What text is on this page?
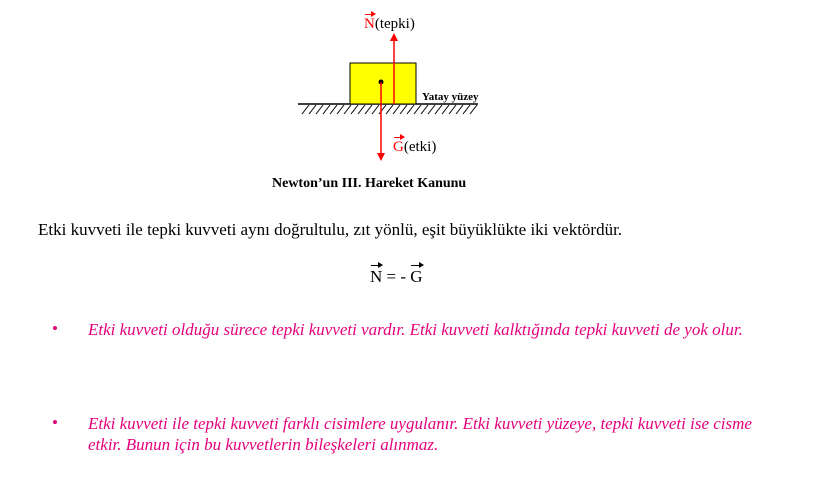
N(tepki)
G(etki)
Yatay yüzey
Newton’un III. Hareket Kanunu
Etki kuvveti ile tepki kuvveti aynı doğrultulu, zıt yönlü, eşit büyüklükte iki vektördür.
N = - G
• Etki kuvveti olduğu sürece tepki kuvveti vardır. Etki kuvveti kalktığında tepki kuvveti de yok olur.
• Etki kuvveti ile tepki kuvveti farklı cisimlere uygulanır. Etki kuvveti yüzeye, tepki kuvveti ise cisme etkir. Bunun için bu kuvvetlerin bileşkeleri alınmaz.
